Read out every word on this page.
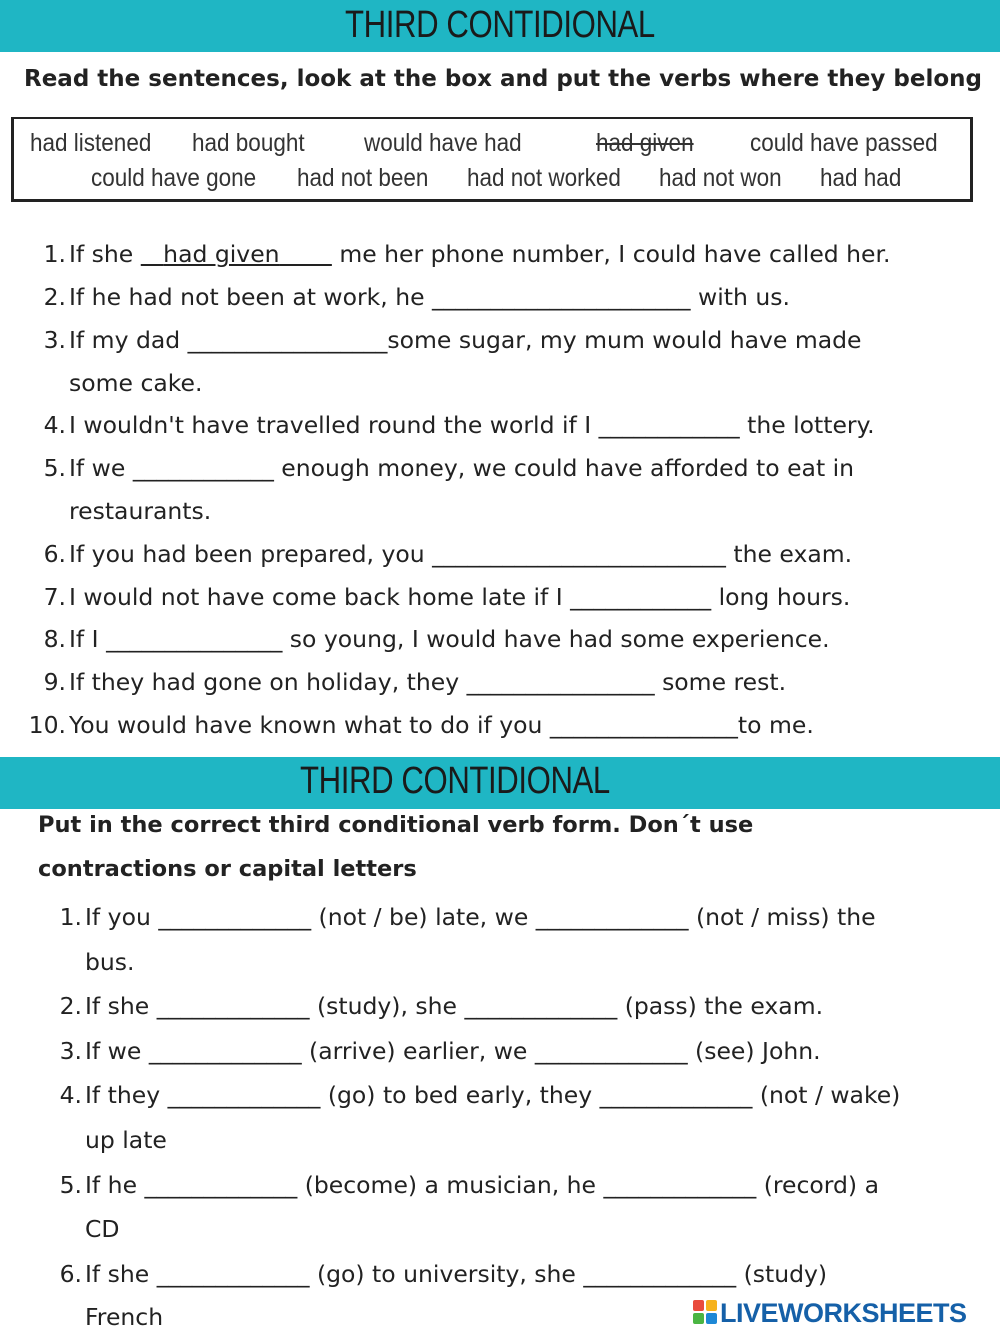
THIRD CONTIDIONAL
Read the sentences, look at the box and put the verbs where they belong
had listened had bought would have had	had given could have passed
could have gone had not been had not worked had not won had had
1. If she    had given        me her phone number, I could have called her.
2. If he had not been at work, he ______________________ with us.
3. If my dad _________________some sugar, my mum would have made
some cake.
4. I wouldn't have travelled round the world if I ____________ the lottery.
5. If we ____________ enough money, we could have afforded to eat in
restaurants.
6. If you had been prepared, you _________________________ the exam.
7. I would not have come back home late if I ____________ long hours.
8. If I _______________ so young, I would have had some experience.
9. If they had gone on holiday, they ________________ some rest.
10. You would have known what to do if you ________________to me.
THIRD CONTIDIONAL
Put in the correct third conditional verb form. Don´t use
contractions or capital letters
1. If you _____________ (not / be) late, we _____________ (not / miss) the
bus.
2. If she _____________ (study), she _____________ (pass) the exam.
3. If we _____________ (arrive) earlier, we _____________ (see) John.
4. If they _____________ (go) to bed early, they _____________ (not / wake)
up late
5. If he _____________ (become) a musician, he _____________ (record) a
CD
6. If she _____________ (go) to university, she _____________ (study)
French	LIVEWORKSHEETS
